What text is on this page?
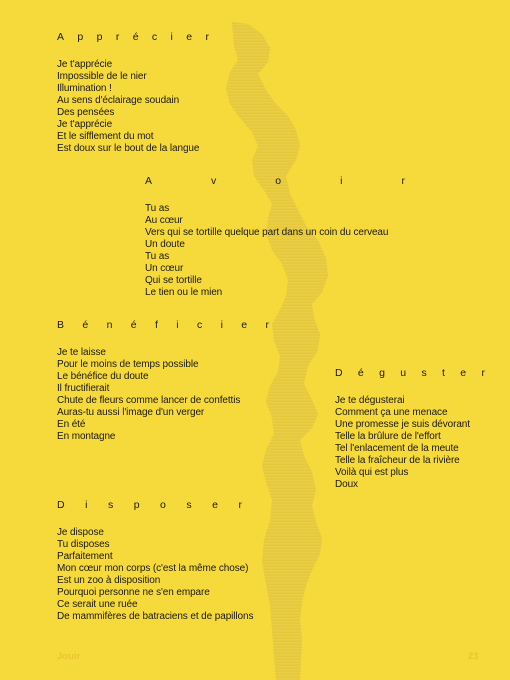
A p p r é c i e r
Je t'apprécie
Impossible de le nier
Illumination !
Au sens d'éclairage soudain
Des pensées
Je t'apprécie
Et le sifflement du mot
Est doux sur le bout de la langue
A	v	o	i	r
Tu as
Au cœur
Vers qui se tortille quelque part dans un coin du cerveau
Un doute
Tu as
Un cœur
Qui se tortille
Le tien ou le mien
B é n é f i c i e r
Je te laisse
Pour le moins de temps possible
Le bénéfice du doute
Il fructifierait
Chute de fleurs comme lancer de confettis
Auras-tu aussi l'image d'un verger
En été
En montagne
D é g u s t e r
Je te dégusterai
Comment ça une menace
Une promesse je suis dévorant
Telle la brûlure de l'effort
Tel l'enlacement de la meute
Telle la fraîcheur de la rivière
Voilà qui est plus
Doux
D i s p o s e r
Je dispose
Tu disposes
Parfaitement
Mon cœur mon corps (c'est la même chose)
Est un zoo à disposition
Pourquoi personne ne s'en empare
Ce serait une ruée
De mammifères de batraciens et de papillons
Jouir	23
